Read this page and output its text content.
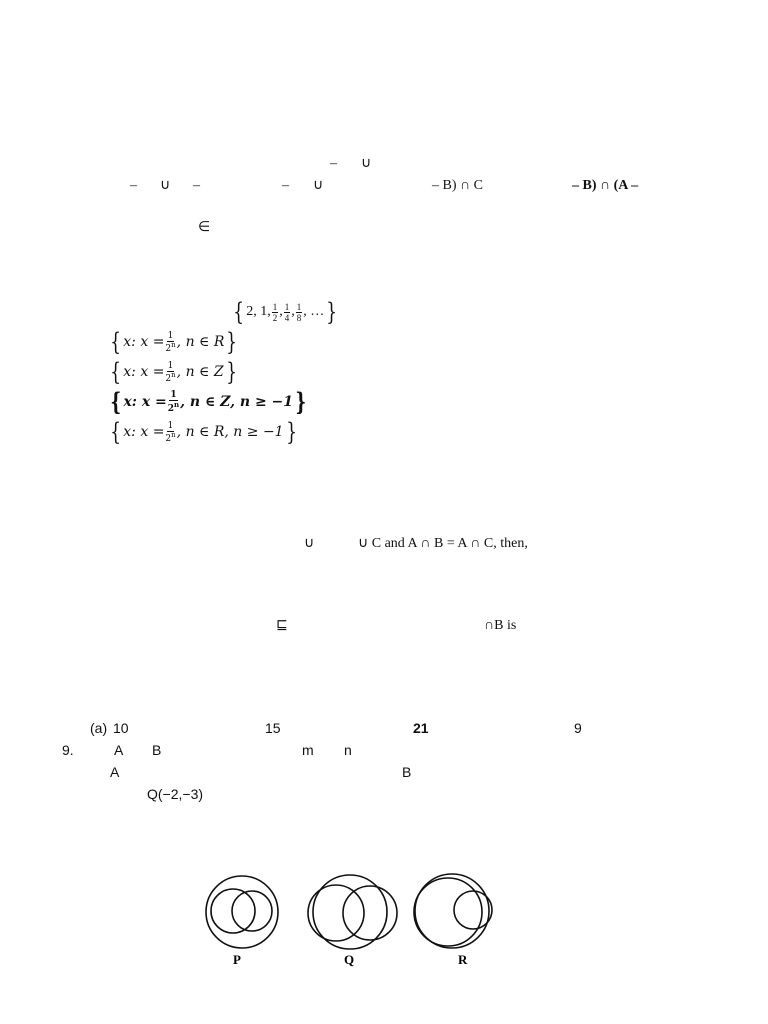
– ∪
– ∪ –	– ∪	– B) ∩ C	– B) ∩ (A –
∈
{ 2, 1, $\frac{1}{2}$ , $\frac{1}{4}$ , $\frac{1}{8}$ , … }
{ x: $x = \frac{1}{2^n}$ , n ∈ R }
{ x: $x = \frac{1}{2^n}$ , n ∈ Z }
{ x: $x = \frac{1}{2^n}$ , n ∈ Z, n ≥ −1 }
{ x: $x = \frac{1}{2^n}$ , n ∈ R, n ≥ −1 }
∪	∪ C and A ∩ B = A ∩ C, then,
⊑	∩B is
(a) 10	15	21	9
9.	A B	m n
A	B
Q(−2,−3)
P	Q	R
